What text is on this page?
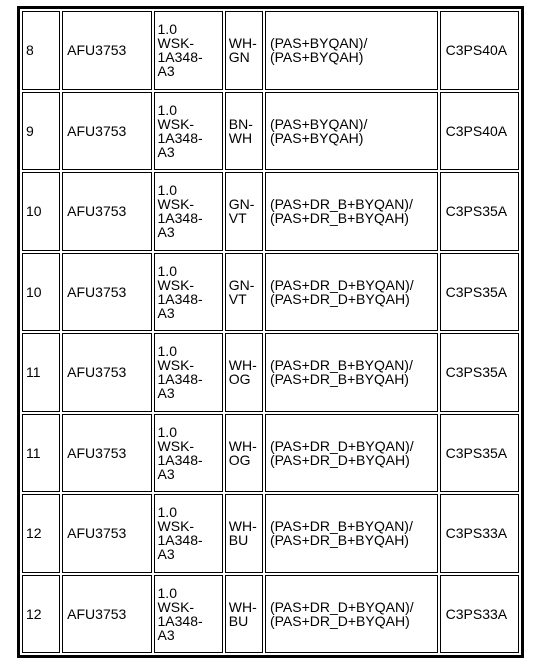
8	AFU3753	1.0
WSK-
1A348-
A3	WH-
GN	(PAS+BYQAN)/
(PAS+BYQAH)	C3PS40A
9	AFU3753	1.0
WSK-
1A348-
A3	BN-
WH	(PAS+BYQAN)/
(PAS+BYQAH)	C3PS40A
10	AFU3753	1.0
WSK-
1A348-
A3	GN-
VT	(PAS+DR_B+BYQAN)/
(PAS+DR_B+BYQAH)	C3PS35A
10	AFU3753	1.0
WSK-
1A348-
A3	GN-
VT	(PAS+DR_D+BYQAN)/
(PAS+DR_D+BYQAH)	C3PS35A
11	AFU3753	1.0
WSK-
1A348-
A3	WH-
OG	(PAS+DR_B+BYQAN)/
(PAS+DR_B+BYQAH)	C3PS35A
11	AFU3753	1.0
WSK-
1A348-
A3	WH-
OG	(PAS+DR_D+BYQAN)/
(PAS+DR_D+BYQAH)	C3PS35A
12	AFU3753	1.0
WSK-
1A348-
A3	WH-
BU	(PAS+DR_B+BYQAN)/
(PAS+DR_B+BYQAH)	C3PS33A
12	AFU3753	1.0
WSK-
1A348-
A3	WH-
BU	(PAS+DR_D+BYQAN)/
(PAS+DR_D+BYQAH)	C3PS33A
